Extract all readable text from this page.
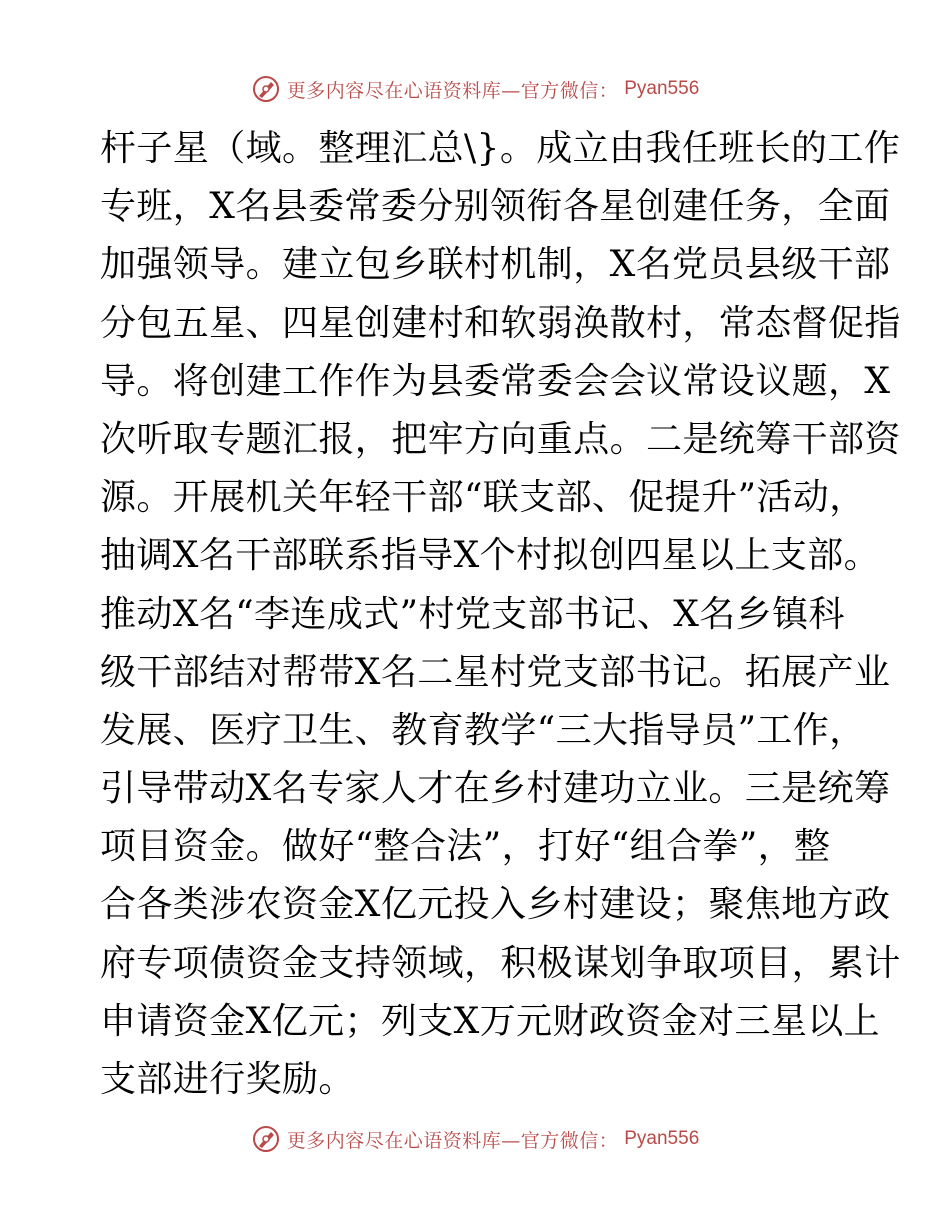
更多内容尽在心语资料库—官方微信： Pyan556
杆子星（域。整理汇总\}。成立由我任班长的工作
专班，X名县委常委分别领衔各星创建任务，全面
加强领导。建立包乡联村机制，X名党员县级干部
分包五星、四星创建村和软弱涣散村，常态督促指
导。将创建工作作为县委常委会会议常设议题，X
次听取专题汇报，把牢方向重点。二是统筹干部资
源。开展机关年轻干部“联支部、促提升”活动，
抽调X名干部联系指导X个村拟创四星以上支部。
推动X名“李连成式”村党支部书记、X名乡镇科
级干部结对帮带X名二星村党支部书记。拓展产业
发展、医疗卫生、教育教学“三大指导员”工作，
引导带动X名专家人才在乡村建功立业。三是统筹
项目资金。做好“整合法”，打好“组合拳”，整
合各类涉农资金X亿元投入乡村建设；聚焦地方政
府专项债资金支持领域，积极谋划争取项目，累计
申请资金X亿元；列支X万元财政资金对三星以上
支部进行奖励。
更多内容尽在心语资料库—官方微信： Pyan556
